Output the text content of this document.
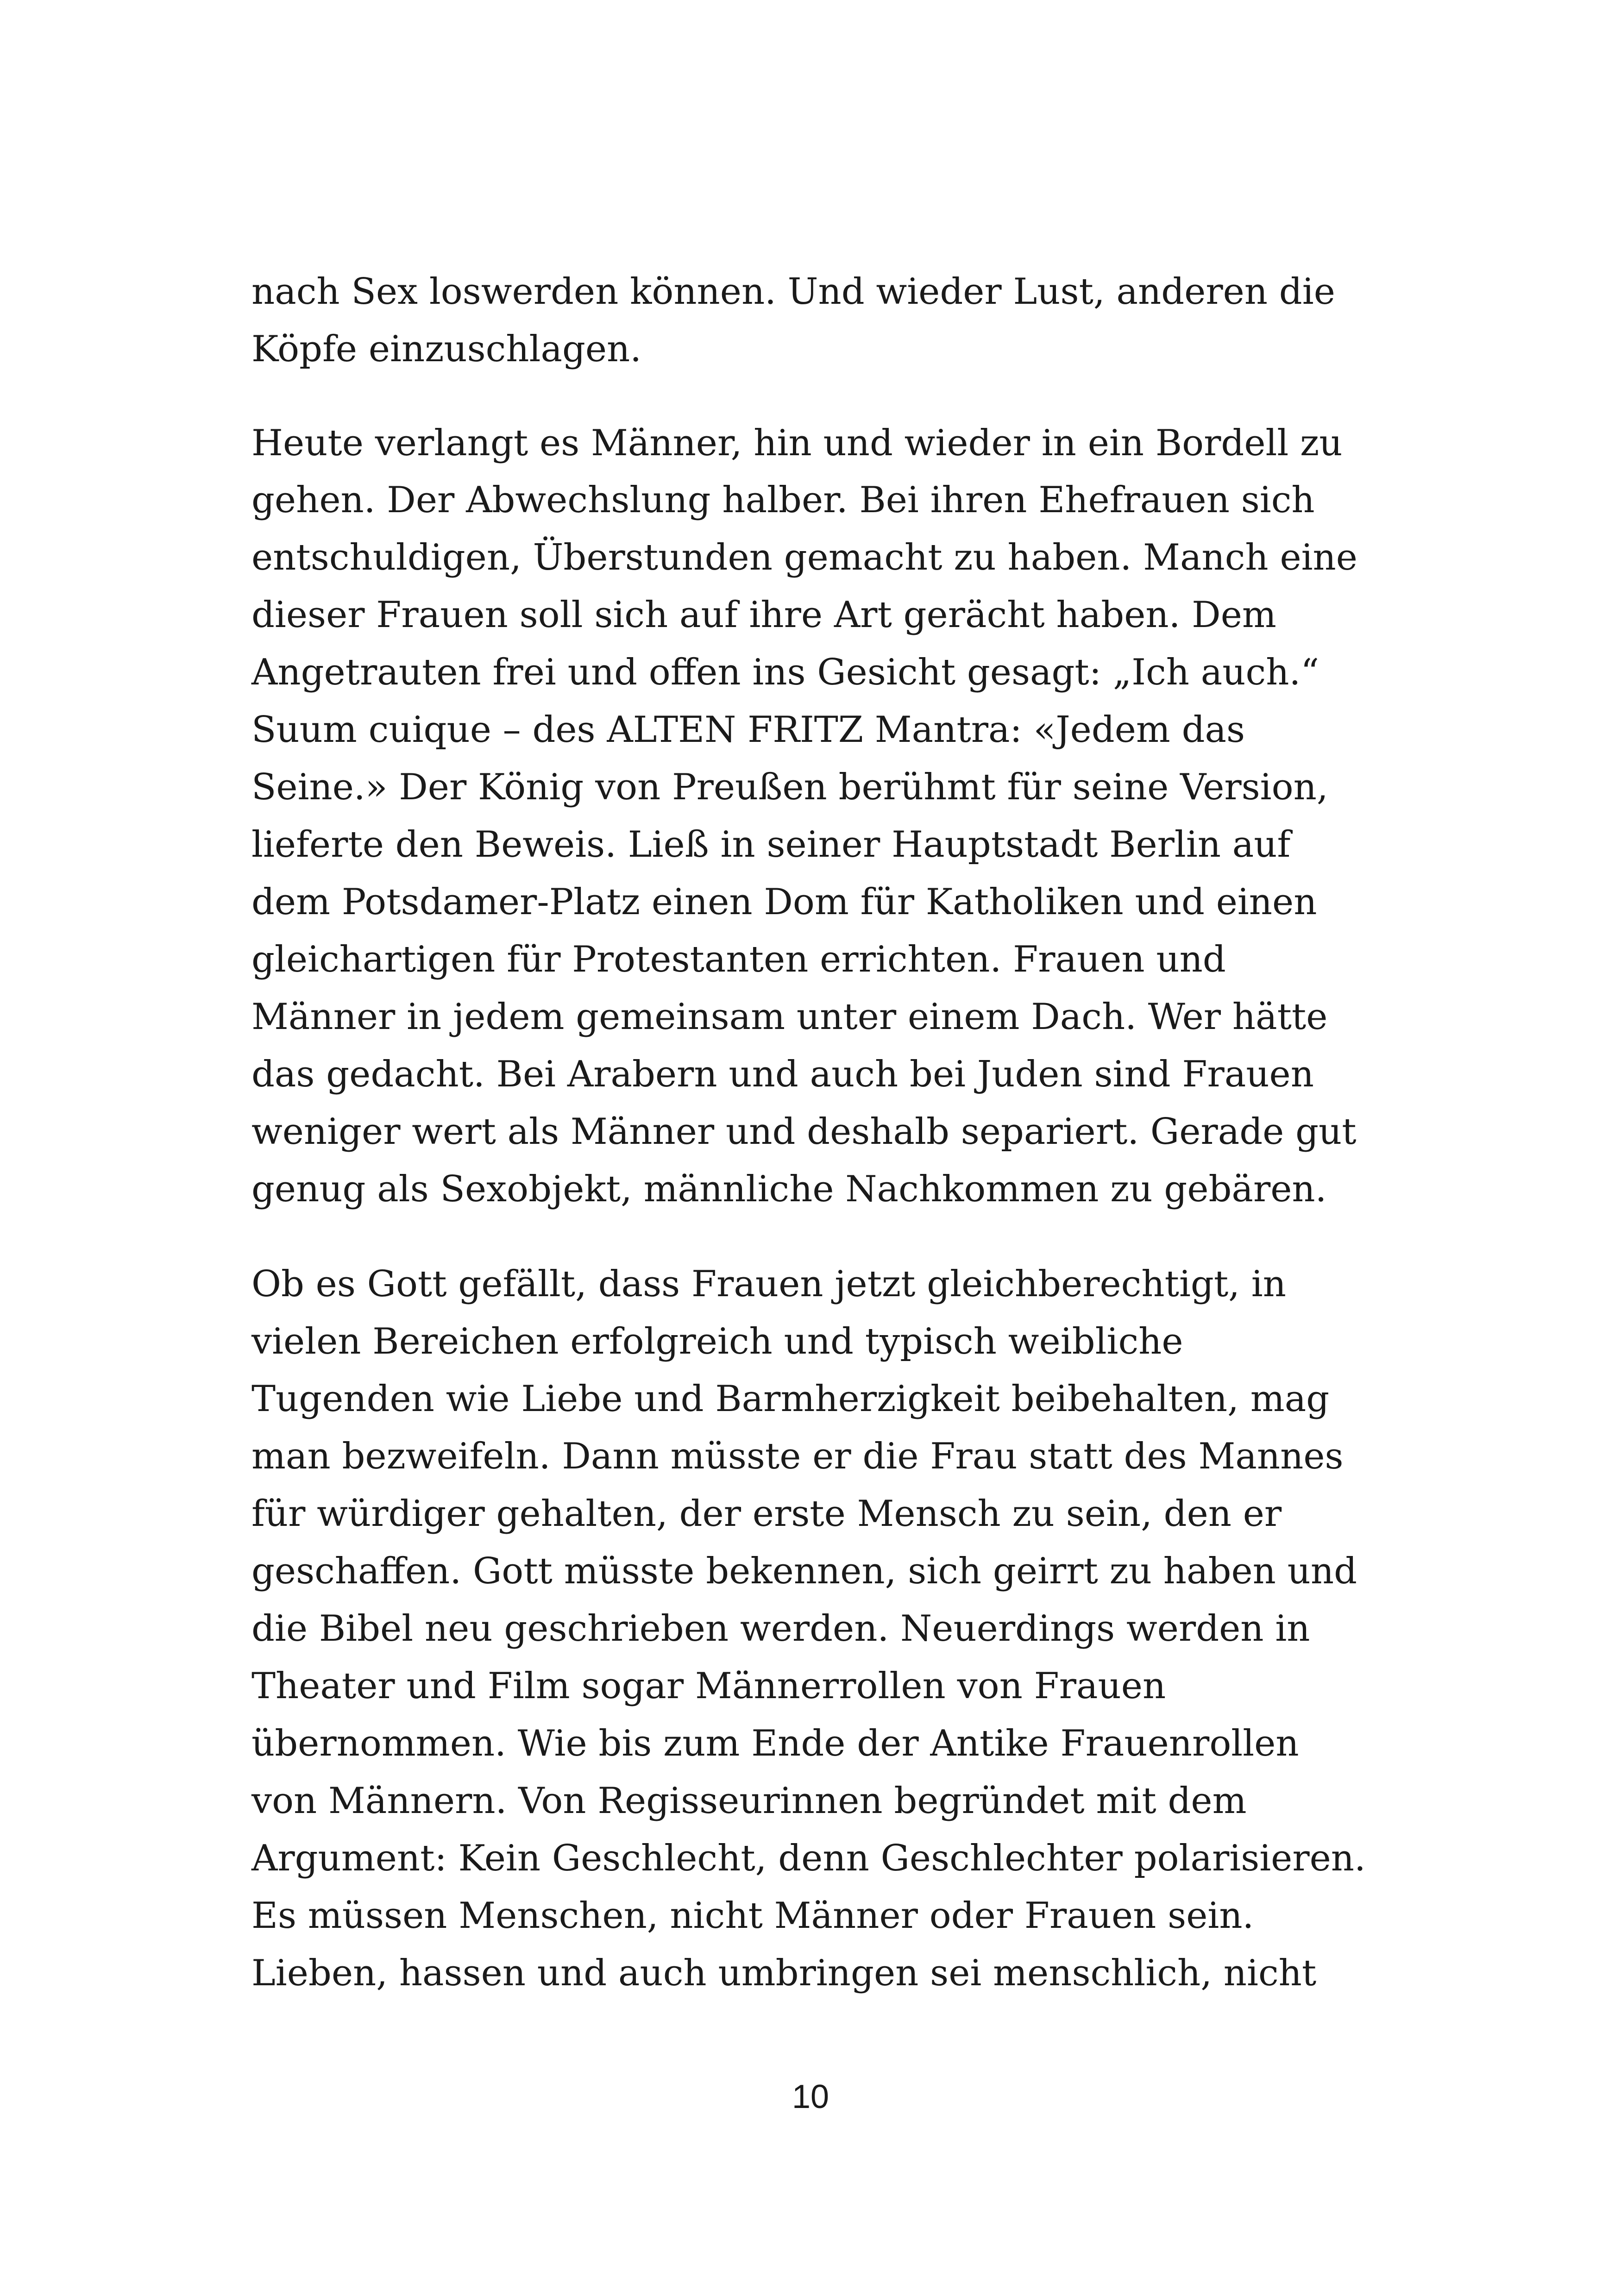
nach Sex loswerden können. Und wieder Lust, anderen die
Köpfe einzuschlagen.
Heute verlangt es Männer, hin und wieder in ein Bordell zu
gehen. Der Abwechslung halber. Bei ihren Ehefrauen sich
entschuldigen, Überstunden gemacht zu haben. Manch eine
dieser Frauen soll sich auf ihre Art gerächt haben. Dem
Angetrauten frei und offen ins Gesicht gesagt: „Ich auch.“
Suum cuique – des ALTEN FRITZ Mantra: «Jedem das
Seine.» Der König von Preußen berühmt für seine Version,
lieferte den Beweis. Ließ in seiner Hauptstadt Berlin auf
dem Potsdamer-Platz einen Dom für Katholiken und einen
gleichartigen für Protestanten errichten. Frauen und
Männer in jedem gemeinsam unter einem Dach. Wer hätte
das gedacht. Bei Arabern und auch bei Juden sind Frauen
weniger wert als Männer und deshalb separiert. Gerade gut
genug als Sexobjekt, männliche Nachkommen zu gebären.
Ob es Gott gefällt, dass Frauen jetzt gleichberechtigt, in
vielen Bereichen erfolgreich und typisch weibliche
Tugenden wie Liebe und Barmherzigkeit beibehalten, mag
man bezweifeln. Dann müsste er die Frau statt des Mannes
für würdiger gehalten, der erste Mensch zu sein, den er
geschaffen. Gott müsste bekennen, sich geirrt zu haben und
die Bibel neu geschrieben werden. Neuerdings werden in
Theater und Film sogar Männerrollen von Frauen
übernommen. Wie bis zum Ende der Antike Frauenrollen
von Männern. Von Regisseurinnen begründet mit dem
Argument: Kein Geschlecht, denn Geschlechter polarisieren.
Es müssen Menschen, nicht Männer oder Frauen sein.
Lieben, hassen und auch umbringen sei menschlich, nicht
10
